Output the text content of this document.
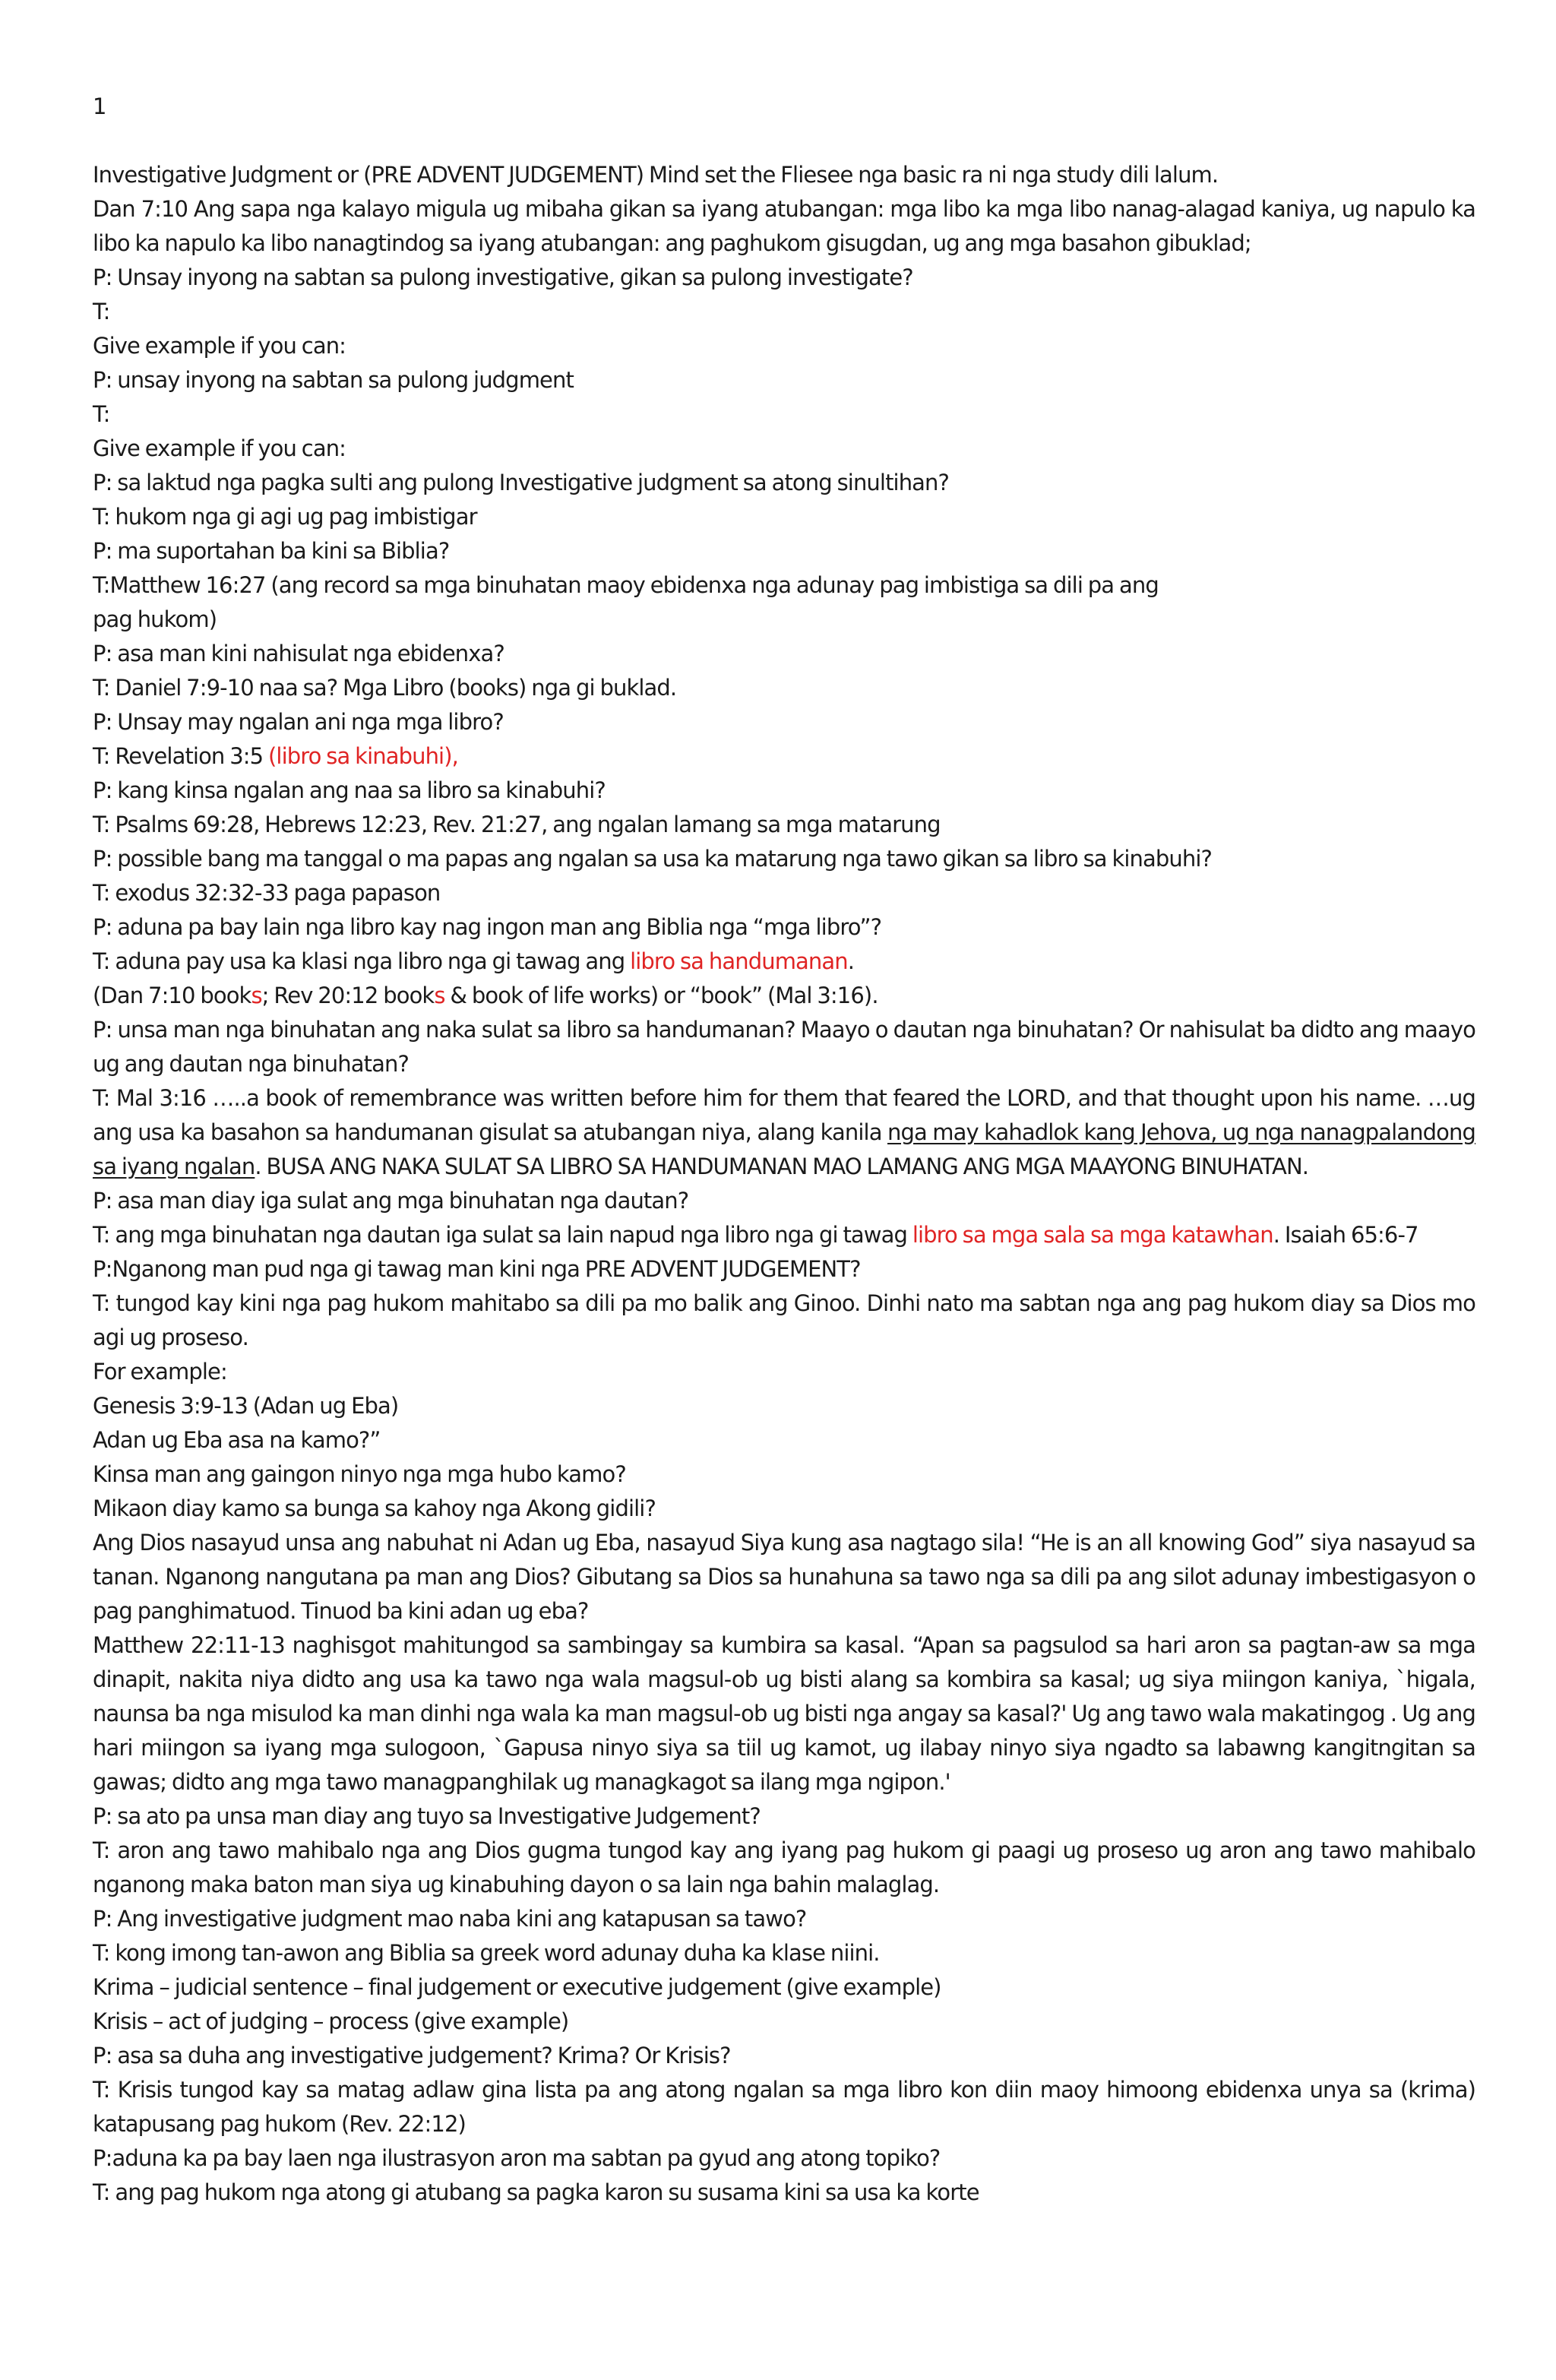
1

Investigative Judgment or (PRE ADVENT JUDGEMENT) Mind set the Fliesee nga basic ra ni nga study dili lalum.

Dan 7:10 Ang sapa nga kalayo migula ug mibaha gikan sa iyang atubangan: mga libo ka mga libo nanag-alagad kaniya, ug napulo ka libo ka napulo ka libo nanagtindog sa iyang atubangan: ang paghukom gisugdan, ug ang mga basahon gibuklad;

P: Unsay inyong na sabtan sa pulong investigative, gikan sa pulong investigate?

T:

Give example if you can:

P: unsay inyong na sabtan sa pulong judgment

T:

Give example if you can:

P: sa laktud nga pagka sulti ang pulong Investigative judgment sa atong sinultihan?

T: hukom nga gi agi ug pag imbistigar

P: ma suportahan ba kini sa Biblia?

T:Matthew 16:27 (ang record sa mga binuhatan maoy ebidenxa nga adunay pag imbistiga sa dili pa ang
pag hukom)

P: asa man kini nahisulat nga ebidenxa?

T: Daniel 7:9-10 naa sa? Mga Libro (books) nga gi buklad.

P: Unsay may ngalan ani nga mga libro?

T: Revelation 3:5 (libro sa kinabuhi),

P: kang kinsa ngalan ang naa sa libro sa kinabuhi?

T: Psalms 69:28, Hebrews 12:23, Rev. 21:27, ang ngalan lamang sa mga matarung

P: possible bang ma tanggal o ma papas ang ngalan sa usa ka matarung nga tawo gikan sa libro sa kinabuhi?

T: exodus 32:32-33 paga papason

P: aduna pa bay lain nga libro kay nag ingon man ang Biblia nga “mga libro”?

T: aduna pay usa ka klasi nga libro nga gi tawag ang libro sa handumanan.

(Dan 7:10 books; Rev 20:12 books & book of life works) or “book” (Mal 3:16).

P: unsa man nga binuhatan ang naka sulat sa libro sa handumanan? Maayo o dautan nga binuhatan? Or nahisulat ba didto ang maayo ug ang dautan nga binuhatan?

T: Mal 3:16 …..a book of remembrance was written before him for them that feared the LORD, and that thought upon his name. …ug ang usa ka basahon sa handumanan gisulat sa atubangan niya, alang kanila nga may kahadlok kang Jehova, ug nga nanagpalandong sa iyang ngalan. BUSA ANG NAKA SULAT SA LIBRO SA HANDUMANAN MAO LAMANG ANG MGA MAAYONG BINUHATAN.

P: asa man diay iga sulat ang mga binuhatan nga dautan?

T: ang mga binuhatan nga dautan iga sulat sa lain napud nga libro nga gi tawag libro sa mga sala sa mga katawhan. Isaiah 65:6-7

P:Nganong man pud nga gi tawag man kini nga PRE ADVENT JUDGEMENT?

T: tungod kay kini nga pag hukom mahitabo sa dili pa mo balik ang Ginoo. Dinhi nato ma sabtan nga ang pag hukom diay sa Dios mo agi ug proseso.

For example:

Genesis 3:9-13 (Adan ug Eba)

Adan ug Eba asa na kamo?”

Kinsa man ang gaingon ninyo nga mga hubo kamo?

Mikaon diay kamo sa bunga sa kahoy nga Akong gidili?

Ang Dios nasayud unsa ang nabuhat ni Adan ug Eba, nasayud Siya kung asa nagtago sila! “He is an all knowing God” siya nasayud sa tanan. Nganong nangutana pa man ang Dios? Gibutang sa Dios sa hunahuna sa tawo nga sa dili pa ang silot adunay imbestigasyon o pag panghimatuod. Tinuod ba kini adan ug eba?

Matthew 22:11-13 naghisgot mahitungod sa sambingay sa kumbira sa kasal. “Apan sa pagsulod sa hari aron sa pagtan-aw sa mga dinapit, nakita niya didto ang usa ka tawo nga wala magsul-ob ug bisti alang sa kombira sa kasal; ug siya miingon kaniya, `higala, naunsa ba nga misulod ka man dinhi nga wala ka man magsul-ob ug bisti nga angay sa kasal?' Ug ang tawo wala makatingog . Ug ang hari miingon sa iyang mga sulogoon, `Gapusa ninyo siya sa tiil ug kamot, ug ilabay ninyo siya ngadto sa labawng kangitngitan sa gawas; didto ang mga tawo managpanghilak ug managkagot sa ilang mga ngipon.'

P: sa ato pa unsa man diay ang tuyo sa Investigative Judgement?

T: aron ang tawo mahibalo nga ang Dios gugma tungod kay ang iyang pag hukom gi paagi ug proseso ug aron ang tawo mahibalo nganong maka baton man siya ug kinabuhing dayon o sa lain nga bahin malaglag.

P: Ang investigative judgment mao naba kini ang katapusan sa tawo?

T: kong imong tan-awon ang Biblia sa greek word adunay duha ka klase niini.

Krima – judicial sentence – final judgement or executive judgement (give example)

Krisis – act of judging – process (give example)

P: asa sa duha ang investigative judgement? Krima? Or Krisis?

T: Krisis tungod kay sa matag adlaw gina lista pa ang atong ngalan sa mga libro kon diin maoy himoong ebidenxa unya sa (krima) katapusang pag hukom (Rev. 22:12)

P:aduna ka pa bay laen nga ilustrasyon aron ma sabtan pa gyud ang atong topiko?

T: ang pag hukom nga atong gi atubang sa pagka karon su susama kini sa usa ka korte
